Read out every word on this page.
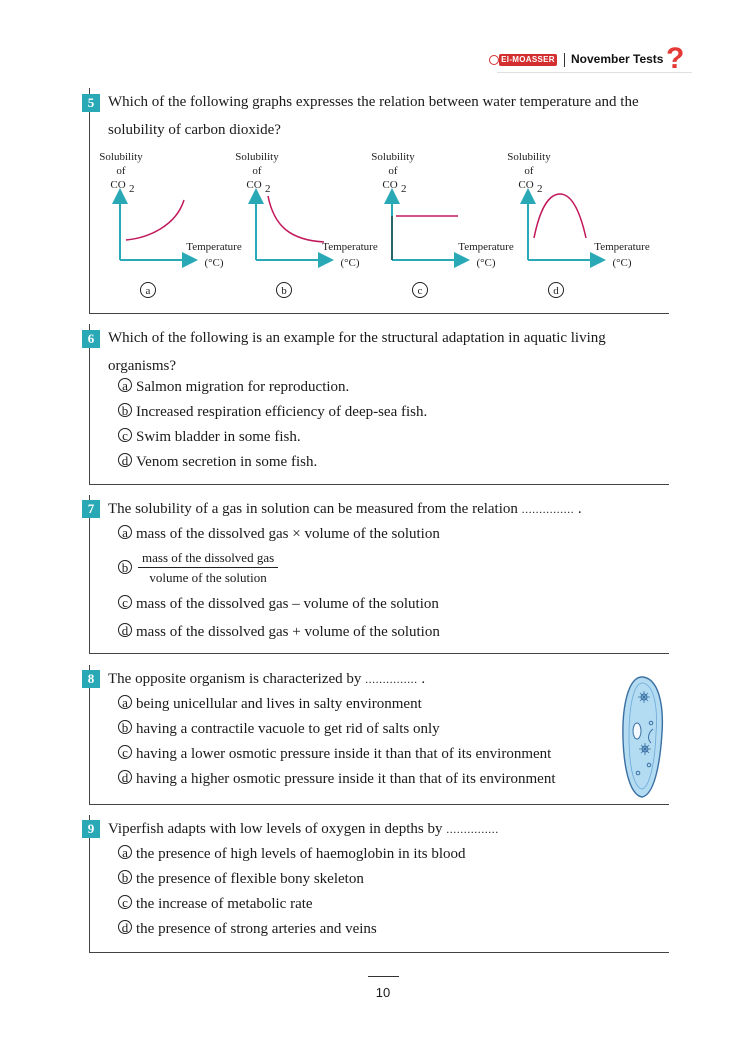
El-MOASSER November Tests ?
5 Which of the following graphs expresses the relation between water temperature and the solubility of carbon dioxide?
Solubility
of
CO 2
Temperature
(°C)
a
Solubility
of
CO 2
Temperature
(°C)
b
Solubility
of
CO 2
Temperature
(°C)
c
Solubility
of
CO 2
Temperature
(°C)
d
6 Which of the following is an example for the structural adaptation in aquatic living organisms?
a Salmon migration for reproduction.
b Increased respiration efficiency of deep-sea fish.
c Swim bladder in some fish.
d Venom secretion in some fish.
7 The solubility of a gas in solution can be measured from the relation ............... .
a mass of the dissolved gas × volume of the solution
b
mass of the dissolved gas
volume of the solution
c mass of the dissolved gas – volume of the solution
d mass of the dissolved gas + volume of the solution
8 The opposite organism is characterized by ............... .
a being unicellular and lives in salty environment
b having a contractile vacuole to get rid of salts only
c having a lower osmotic pressure inside it than that of its environment
d having a higher osmotic pressure inside it than that of its environment
9 Viperfish adapts with low levels of oxygen in depths by ...............
a the presence of high levels of haemoglobin in its blood
b the presence of flexible bony skeleton
c the increase of metabolic rate
d the presence of strong arteries and veins
10
